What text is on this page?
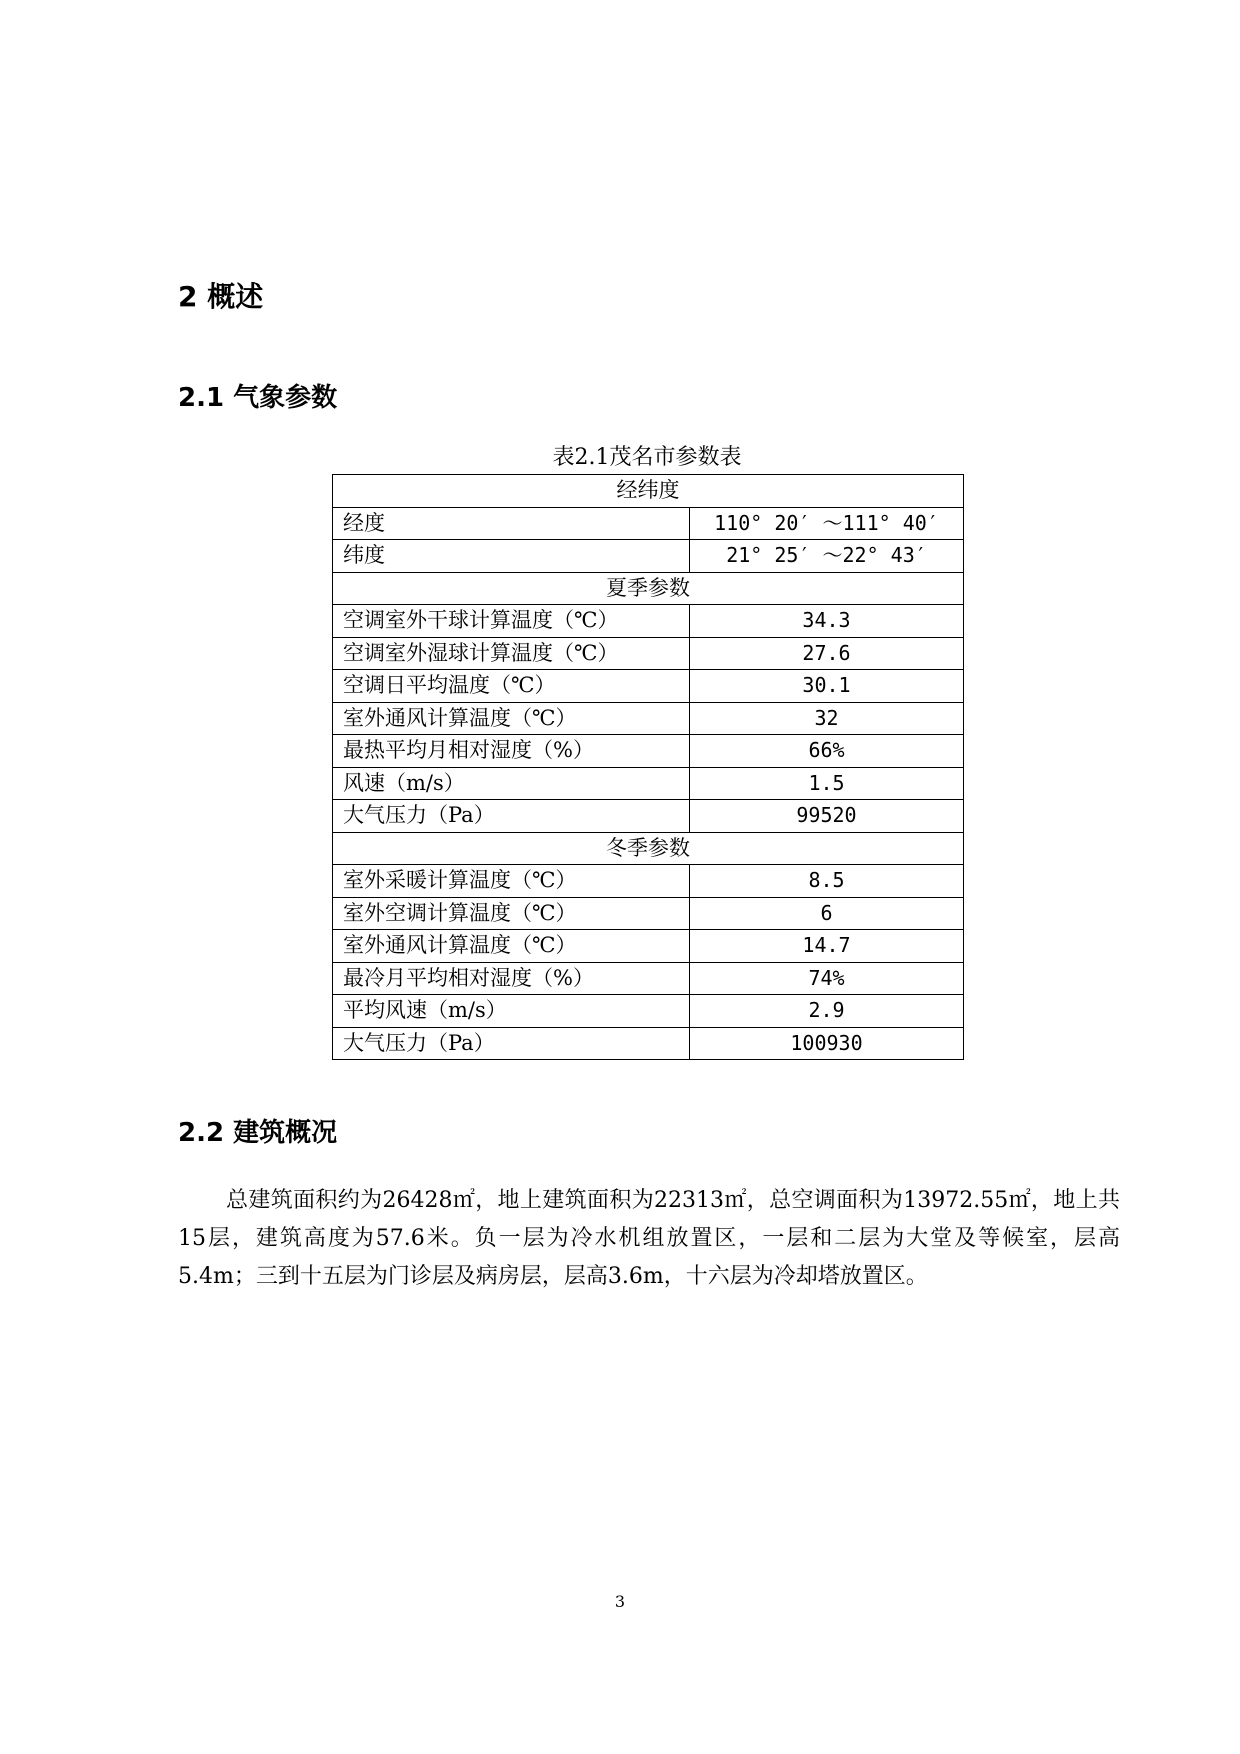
2 概述
2.1 气象参数
表2.1茂名市参数表
经纬度	
经度	110° 20′ ～111° 40′
纬度	21° 25′ ～22° 43′
夏季参数	
空调室外干球计算温度（℃）	34.3
空调室外湿球计算温度（℃）	27.6
空调日平均温度（℃）	30.1
室外通风计算温度（℃）	32
最热平均月相对湿度（%）	66%
风速（m/s）	1.5
大气压力（Pa）	99520
冬季参数	
室外采暖计算温度（℃）	8.5
室外空调计算温度（℃）	6
室外通风计算温度（℃）	14.7
最冷月平均相对湿度（%）	74%
平均风速（m/s）	2.9
大气压力（Pa）	100930
2.2 建筑概况

总建筑面积约为26428㎡，地上建筑面积为22313㎡，总空调面积为13972.55㎡，地上共15层，建筑高度为57.6米。负一层为冷水机组放置区，一层和二层为大堂及等候室，层高5.4m；三到十五层为门诊层及病房层，层高3.6m，十六层为冷却塔放置区。

3
